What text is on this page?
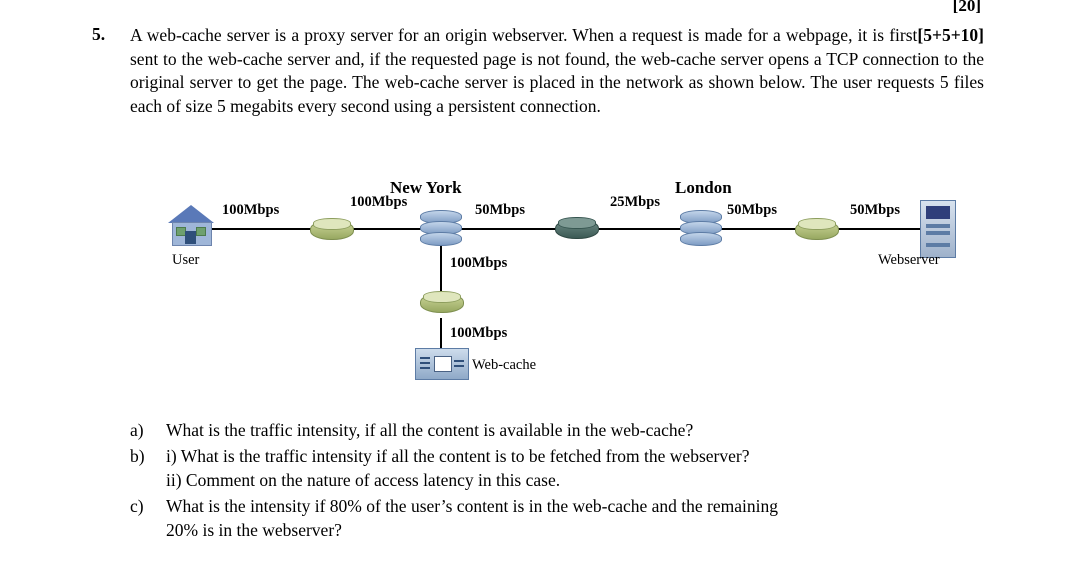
[20]
5.	[5+5+10]
A web-cache server is a proxy server for an origin webserver. When a request is made for a webpage, it is first sent to the web-cache server and, if the requested page is not found, the web-cache server opens a TCP connection to the original server to get the page. The web-cache server is placed in the network as shown below. The user requests 5 files each of size 5 megabits every second using a persistent connection.
New York	London
User	Webserver
Web-cache
100Mbps	100Mbps	50Mbps	25Mbps	50Mbps	50Mbps
100Mbps
100Mbps
a) What is the traffic intensity, if all the content is available in the web-cache?
b) i) What is the traffic intensity if all the content is to be fetched from the webserver?
ii) Comment on the nature of access latency in this case.
c) What is the intensity if 80% of the user’s content is in the web-cache and the remaining
20% is in the webserver?
